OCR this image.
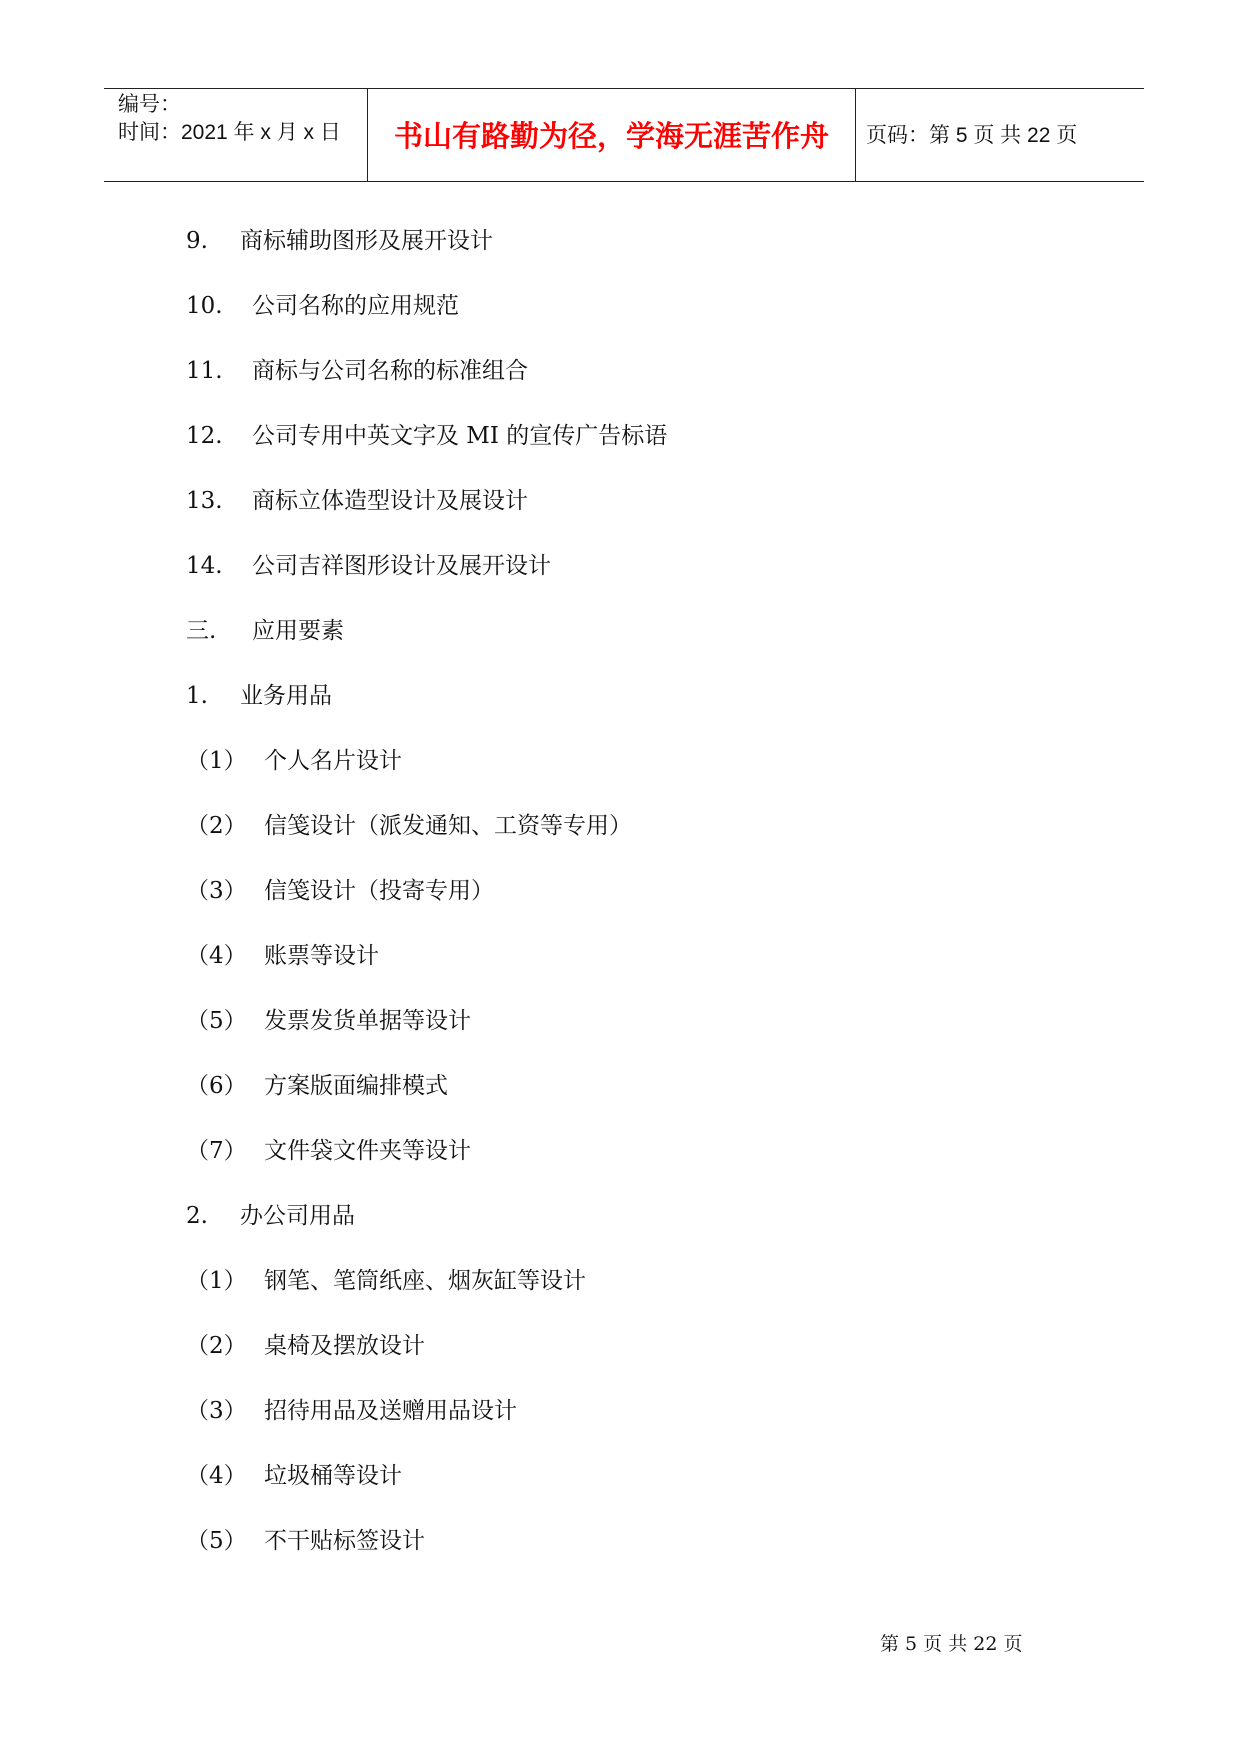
编号：
时间：2021 年 x 月 x 日	书山有路勤为径，学海无涯苦作舟	页码：第 5 页 共 22 页
9. 商标辅助图形及展开设计
10. 公司名称的应用规范
11. 商标与公司名称的标准组合
12. 公司专用中英文字及 MI 的宣传广告标语
13. 商标立体造型设计及展设计
14. 公司吉祥图形设计及展开设计
三. 应用要素
1. 业务用品
（1） 个人名片设计
（2） 信笺设计（派发通知、工资等专用）
（3） 信笺设计（投寄专用）
（4） 账票等设计
（5） 发票发货单据等设计
（6） 方案版面编排模式
（7） 文件袋文件夹等设计
2. 办公司用品
（1） 钢笔、笔筒纸座、烟灰缸等设计
（2） 桌椅及摆放设计
（3） 招待用品及送赠用品设计
（4） 垃圾桶等设计
（5） 不干贴标签设计
第 5 页 共 22 页
